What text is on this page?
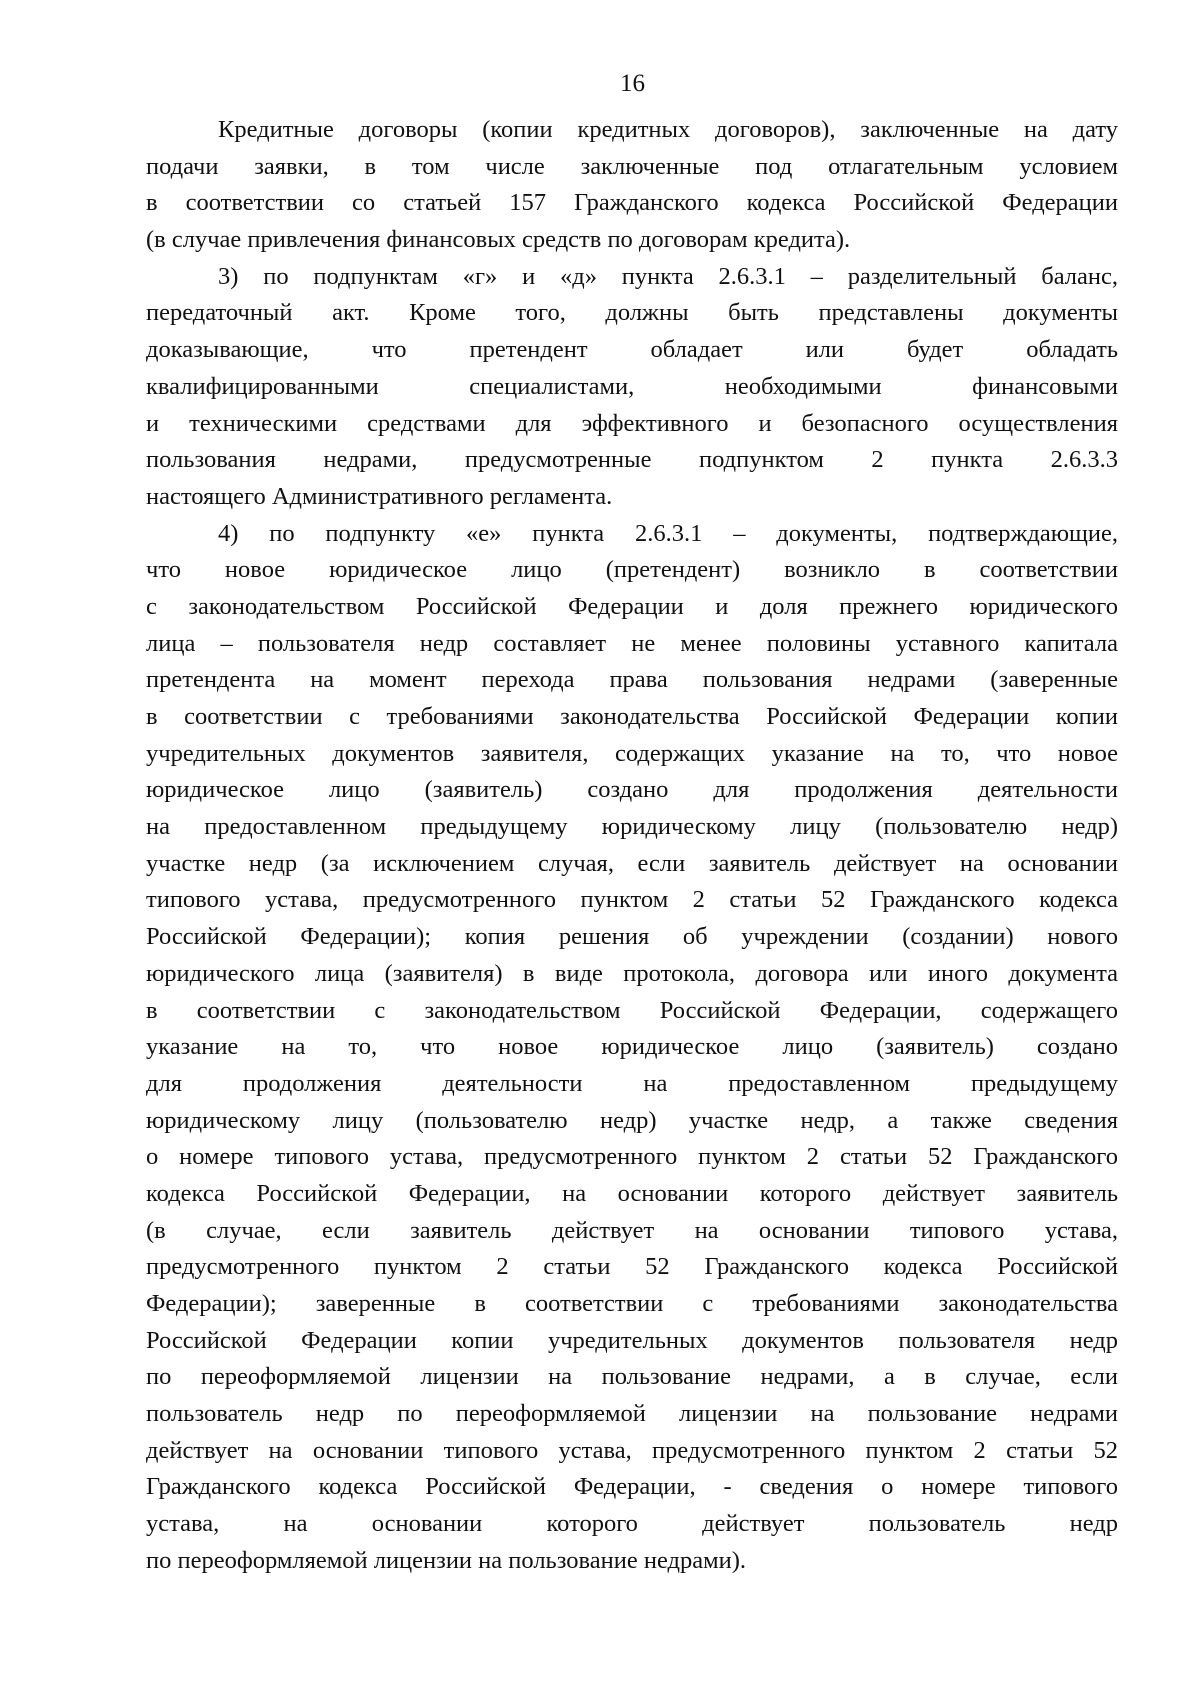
16
Кредитные договоры (копии кредитных договоров), заключенные на дату
подачи заявки, в том числе заключенные под отлагательным условием
в соответствии со статьей 157 Гражданского кодекса Российской Федерации
(в случае привлечения финансовых средств по договорам кредита).
3) по подпунктам «г» и «д» пункта 2.6.3.1 – разделительный баланс,
передаточный акт. Кроме того, должны быть представлены документы
доказывающие, что претендент обладает или будет обладать
квалифицированными специалистами, необходимыми финансовыми
и техническими средствами для эффективного и безопасного осуществления
пользования недрами, предусмотренные подпунктом 2 пункта 2.6.3.3
настоящего Административного регламента.
4) по подпункту «е» пункта 2.6.3.1 – документы, подтверждающие,
что новое юридическое лицо (претендент) возникло в соответствии
с законодательством Российской Федерации и доля прежнего юридического
лица – пользователя недр составляет не менее половины уставного капитала
претендента на момент перехода права пользования недрами (заверенные
в соответствии с требованиями законодательства Российской Федерации копии
учредительных документов заявителя, содержащих указание на то, что новое
юридическое лицо (заявитель) создано для продолжения деятельности
на предоставленном предыдущему юридическому лицу (пользователю недр)
участке недр (за исключением случая, если заявитель действует на основании
типового устава, предусмотренного пунктом 2 статьи 52 Гражданского кодекса
Российской Федерации); копия решения об учреждении (создании) нового
юридического лица (заявителя) в виде протокола, договора или иного документа
в соответствии с законодательством Российской Федерации, содержащего
указание на то, что новое юридическое лицо (заявитель) создано
для продолжения деятельности на предоставленном предыдущему
юридическому лицу (пользователю недр) участке недр, а также сведения
о номере типового устава, предусмотренного пунктом 2 статьи 52 Гражданского
кодекса Российской Федерации, на основании которого действует заявитель
(в случае, если заявитель действует на основании типового устава,
предусмотренного пунктом 2 статьи 52 Гражданского кодекса Российской
Федерации); заверенные в соответствии с требованиями законодательства
Российской Федерации копии учредительных документов пользователя недр
по переоформляемой лицензии на пользование недрами, а в случае, если
пользователь недр по переоформляемой лицензии на пользование недрами
действует на основании типового устава, предусмотренного пунктом 2 статьи 52
Гражданского кодекса Российской Федерации, - сведения о номере типового
устава, на основании которого действует пользователь недр
по переоформляемой лицензии на пользование недрами).
